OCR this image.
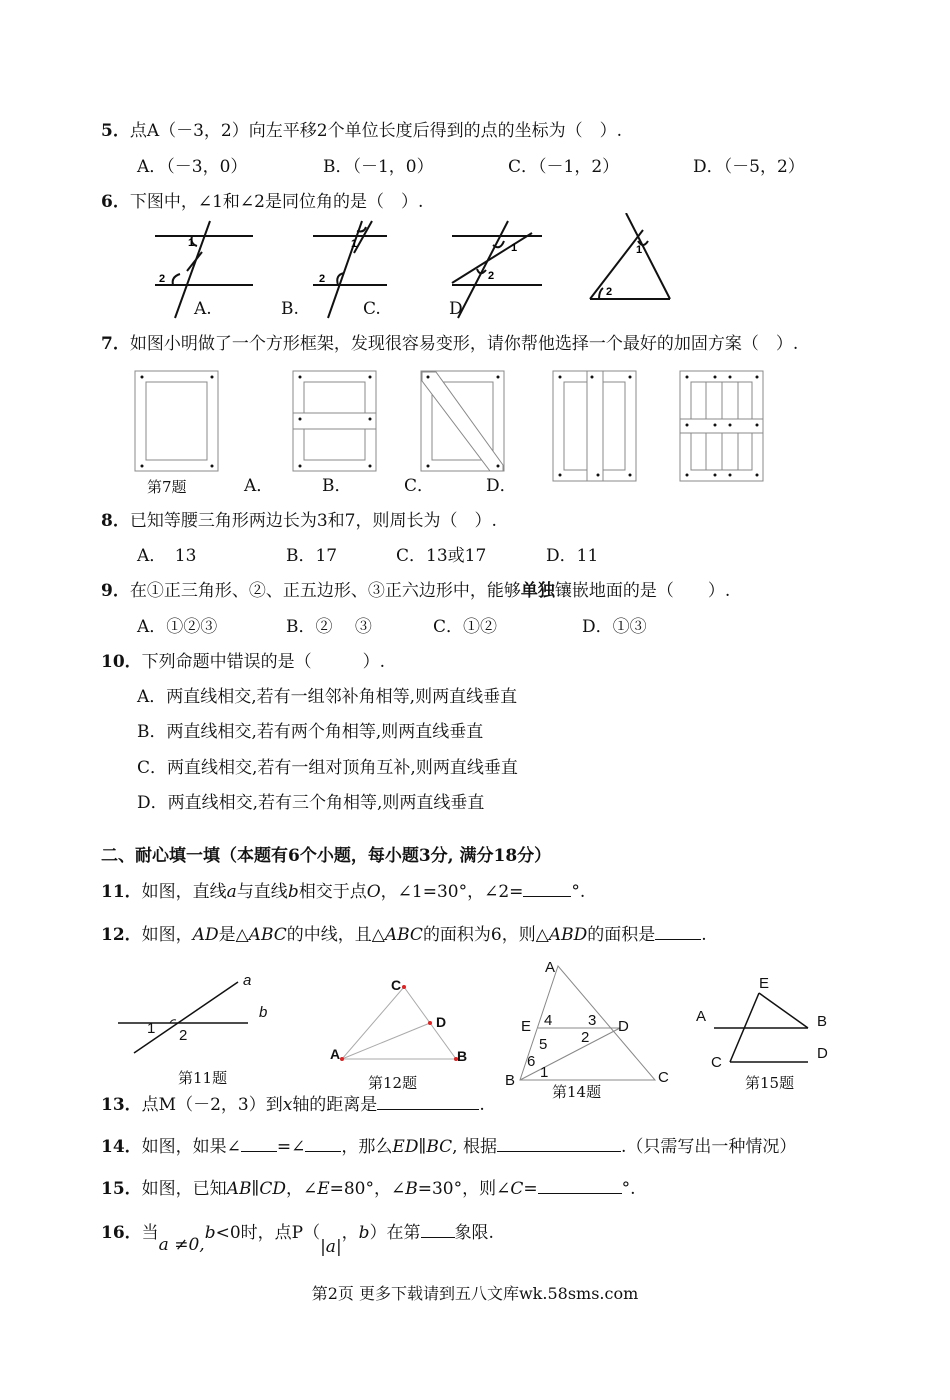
5．点A（－3，2）向左平移2个单位长度后得到的点的坐标为（　）.
A．（－3，0）	B．（－1，0）	C．（－1，2）	D．（－5，2）
6．下图中，∠1和∠2是同位角的是（　）.
1
2
1
2
1
2
1
2
A.	B.	C.	D
7．如图小明做了一个方形框架，发现很容易变形，请你帮他选择一个最好的加固方案（　）.
第7题	A．	B．	C．	D．
8．已知等腰三角形两边长为3和7，则周长为（　）.
A．　13	B．17	C．13或17	D．11
9．在①正三角形、②、正五边形、③正六边形中，能够单独镶嵌地面的是（　　）.
A．①②③	B．②　 ③	C．①②	D．①③
10．下列命题中错误的是（　　　）.
A．两直线相交,若有一组邻补角相等,则两直线垂直
B．两直线相交,若有两个角相等,则两直线垂直
C．两直线相交,若有一组对顶角互补,则两直线垂直
D．两直线相交,若有三个角相等,则两直线垂直
二、耐心填一填（本题有6个小题，每小题3分, 满分18分）
11．如图，直线a与直线b相交于点O，∠1=30°，∠2=	°.
12．如图，AD是△ABC的中线，且△ABC的面积为6，则△ABD的面积是	.
a
b
1 2
第11题
C
D
A	B
第12题
A
E 4 3 D
5 2
6
1
B	C
第14题
E
A	B
C
D
第15题
13．点M（－2，3）到x轴的距离是	.
14．如图，如果∠ =∠ ，那么ED∥BC, 根据	.（只需写出一种情况）
15．如图，已知AB∥CD，∠E=80°，∠B=30°，则∠C=	°.
16．当a ≠0,b<0时，点P（|a|，b）在第 象限.
第2页 更多下载请到五八文库wk.58sms.com
